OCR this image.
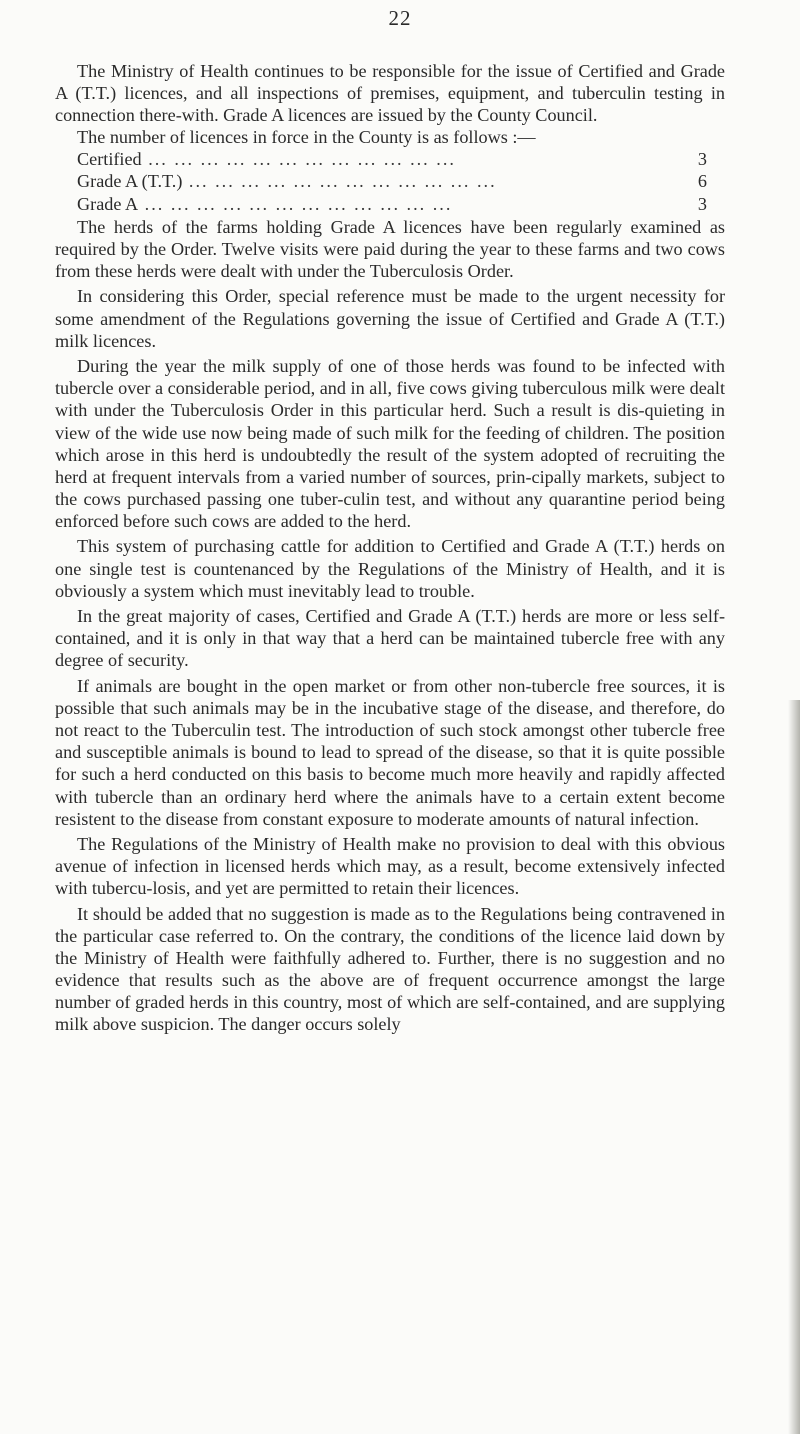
22

The Ministry of Health continues to be responsible for the issue of Certified and Grade A (T.T.) licences, and all inspections of premises, equipment, and tuberculin testing in connection there-with. Grade A licences are issued by the County Council.

The number of licences in force in the County is as follows :—

Certified ... .	3
Grade A (T.T.) ... .	6
Grade A ... .	3

The herds of the farms holding Grade A licences have been regularly examined as required by the Order. Twelve visits were paid during the year to these farms and two cows from these herds were dealt with under the Tuberculosis Order.

In considering this Order, special reference must be made to the urgent necessity for some amendment of the Regulations governing the issue of Certified and Grade A (T.T.) milk licences.

During the year the milk supply of one of those herds was found to be infected with tubercle over a considerable period, and in all, five cows giving tuberculous milk were dealt with under the Tuberculosis Order in this particular herd. Such a result is dis-quieting in view of the wide use now being made of such milk for the feeding of children. The position which arose in this herd is undoubtedly the result of the system adopted of recruiting the herd at frequent intervals from a varied number of sources, prin-cipally markets, subject to the cows purchased passing one tuber-culin test, and without any quarantine period being enforced before such cows are added to the herd.

This system of purchasing cattle for addition to Certified and Grade A (T.T.) herds on one single test is countenanced by the Regulations of the Ministry of Health, and it is obviously a system which must inevitably lead to trouble.

In the great majority of cases, Certified and Grade A (T.T.) herds are more or less self-contained, and it is only in that way that a herd can be maintained tubercle free with any degree of security.

If animals are bought in the open market or from other non-tubercle free sources, it is possible that such animals may be in the incubative stage of the disease, and therefore, do not react to the Tuberculin test. The introduction of such stock amongst other tubercle free and susceptible animals is bound to lead to spread of the disease, so that it is quite possible for such a herd conducted on this basis to become much more heavily and rapidly affected with tubercle than an ordinary herd where the animals have to a certain extent become resistent to the disease from constant exposure to moderate amounts of natural infection.

The Regulations of the Ministry of Health make no provision to deal with this obvious avenue of infection in licensed herds which may, as a result, become extensively infected with tubercu-losis, and yet are permitted to retain their licences.

It should be added that no suggestion is made as to the Regulations being contravened in the particular case referred to. On the contrary, the conditions of the licence laid down by the Ministry of Health were faithfully adhered to. Further, there is no suggestion and no evidence that results such as the above are of frequent occurrence amongst the large number of graded herds in this country, most of which are self-contained, and are supplying milk above suspicion. The danger occurs solely
